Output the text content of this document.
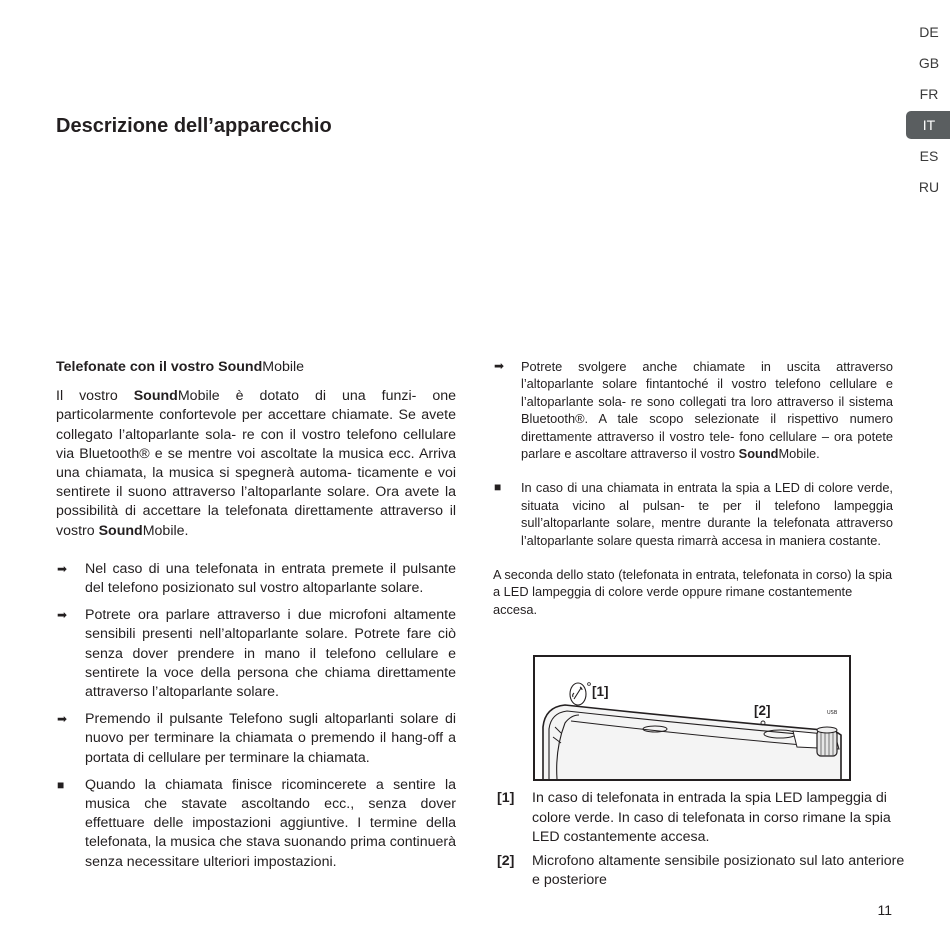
DE
GB
FR
IT
ES
RU
Descrizione dell’apparecchio
Telefonate con il vostro SoundMobile

Il vostro SoundMobile è dotato di una funzi- one particolarmente confortevole per accettare chiamate. Se avete collegato l’altoparlante sola- re con il vostro telefono cellulare via Bluetooth® e se mentre voi ascoltate la musica ecc. Arriva una chiamata, la musica si spegnerà automa- ticamente e voi sentirete il suono attraverso l’altoparlante solare. Ora avete la possibilità di accettare la telefonata direttamente attraverso il vostro SoundMobile.

➡ Nel caso di una telefonata in entrata premete il pulsante del telefono posizionato sul vostro altoparlante solare.
➡ Potrete ora parlare attraverso i due microfoni altamente sensibili presenti nell’altoparlante solare. Potrete fare ciò senza dover prendere in mano il telefono cellulare e sentirete la voce della persona che chiama direttamente attraverso l’altoparlante solare.
➡ Premendo il pulsante Telefono sugli altoparlanti solare di nuovo per terminare la chiamata o premendo il hang-off a portata di cellulare per terminare la chiamata.
■ Quando la chiamata finisce ricomincerete a sentire la musica che stavate ascoltando ecc., senza dover effettuare delle impostazioni aggiuntive. I termine della telefonata, la musica che stava suonando prima continuerà senza necessitare ulteriori impostazioni.
➡ Potrete svolgere anche chiamate in uscita attraverso l’altoparlante solare fintantoché il vostro telefono cellulare e l’altoparlante sola- re sono collegati tra loro attraverso il sistema Bluetooth®. A tale scopo selezionate il rispettivo numero direttamente attraverso il vostro tele- fono cellulare – ora potete parlare e ascoltare attraverso il vostro SoundMobile.
■ In caso di una chiamata in entrata la spia a LED di colore verde, situata vicino al pulsan- te per il telefono lampeggia sull’altoparlante solare, mentre durante la telefonata attraverso l’altoparlante solare questa rimarrà accesa in maniera costante.

A seconda dello stato (telefonata in entrata, telefonata in corso) la spia a LED lampeggia di colore verde oppure rimane costantemente accesa.

USB
[1]
[2]
[1] In caso di telefonata in entrada la spia LED lampeggia di colore verde. In caso di telefonata in corso rimane la spia LED costantemente accesa.
[2] Microfono altamente sensibile posizionato sul lato anteriore e posteriore
11
